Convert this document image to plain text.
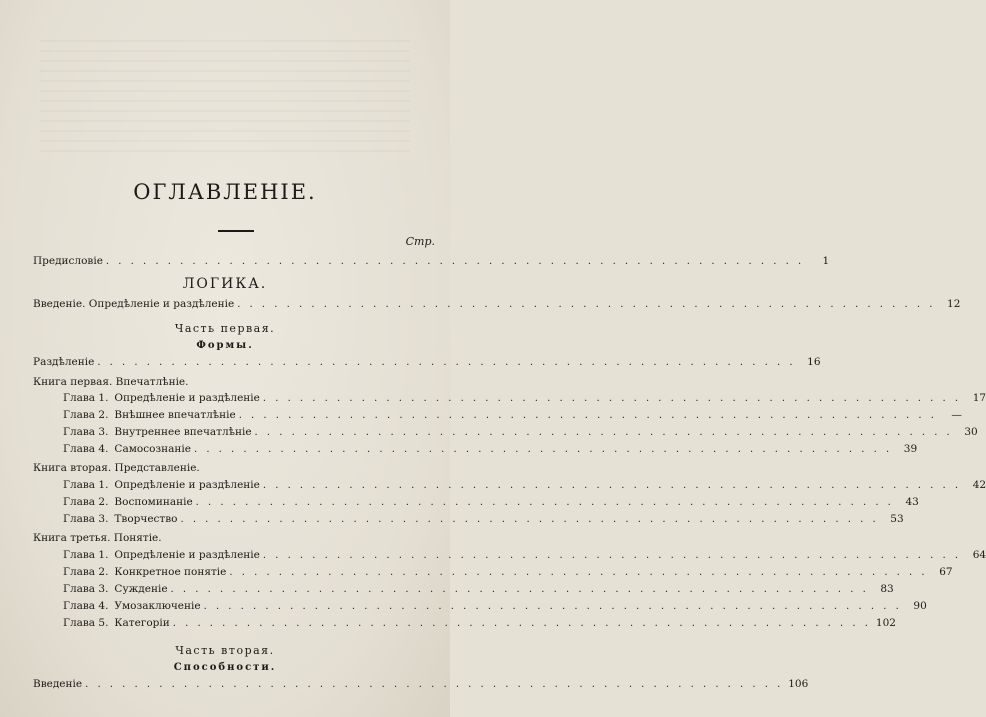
ОГЛАВЛЕНІЕ.
Стр.
Предисловіе . . . . . . . . . . . . . . . . . . . . . . . . . . . . . . . . . . . . . . . . . . . . . . . . . . . . . . . . .	1
ЛОГИКА.
Введеніе. Опредѣленіе и раздѣленіе . . . . . . . . . . . . . . . . . . . . . . . . . . . . . . . . . . . . . . . . . . . . . . . . . . . . . . . . .	12
Часть первая.
Формы.
Раздѣленіе . . . . . . . . . . . . . . . . . . . . . . . . . . . . . . . . . . . . . . . . . . . . . . . . . . . . . . . . .	16
Книга первая. Впечатлѣніе.
Глава 1. Опредѣленіе и раздѣленіе . . . . . . . . . . . . . . . . . . . . . . . . . . . . . . . . . . . . . . . . . . . . . . . . . . . . . . . . .	17
Глава 2. Внѣшнее впечатлѣніе . . . . . . . . . . . . . . . . . . . . . . . . . . . . . . . . . . . . . . . . . . . . . . . . . . . . . . . . .	—
Глава 3. Внутреннее впечатлѣніе . . . . . . . . . . . . . . . . . . . . . . . . . . . . . . . . . . . . . . . . . . . . . . . . . . . . . . . . .	30
Глава 4. Самосознаніе . . . . . . . . . . . . . . . . . . . . . . . . . . . . . . . . . . . . . . . . . . . . . . . . . . . . . . . . .	39
Книга вторая. Представленіе.
Глава 1. Опредѣленіе и раздѣленіе . . . . . . . . . . . . . . . . . . . . . . . . . . . . . . . . . . . . . . . . . . . . . . . . . . . . . . . . .	42
Глава 2. Воспоминаніе . . . . . . . . . . . . . . . . . . . . . . . . . . . . . . . . . . . . . . . . . . . . . . . . . . . . . . . . .	43
Глава 3. Творчество . . . . . . . . . . . . . . . . . . . . . . . . . . . . . . . . . . . . . . . . . . . . . . . . . . . . . . . . .	53
Книга третья. Понятіе.
Глава 1. Опредѣленіе и раздѣленіе . . . . . . . . . . . . . . . . . . . . . . . . . . . . . . . . . . . . . . . . . . . . . . . . . . . . . . . . .	64
Глава 2. Конкретное понятіе . . . . . . . . . . . . . . . . . . . . . . . . . . . . . . . . . . . . . . . . . . . . . . . . . . . . . . . . .	67
Глава 3. Сужденіе . . . . . . . . . . . . . . . . . . . . . . . . . . . . . . . . . . . . . . . . . . . . . . . . . . . . . . . . .	83
Глава 4. Умозаключеніе . . . . . . . . . . . . . . . . . . . . . . . . . . . . . . . . . . . . . . . . . . . . . . . . . . . . . . . . .	90
Глава 5. Категоріи . . . . . . . . . . . . . . . . . . . . . . . . . . . . . . . . . . . . . . . . . . . . . . . . . . . . . . . . . 102
Часть вторая.
Способности.
Введеніе . . . . . . . . . . . . . . . . . . . . . . . . . . . . . . . . . . . . . . . . . . . . . . . . . . . . . . . . . 106
